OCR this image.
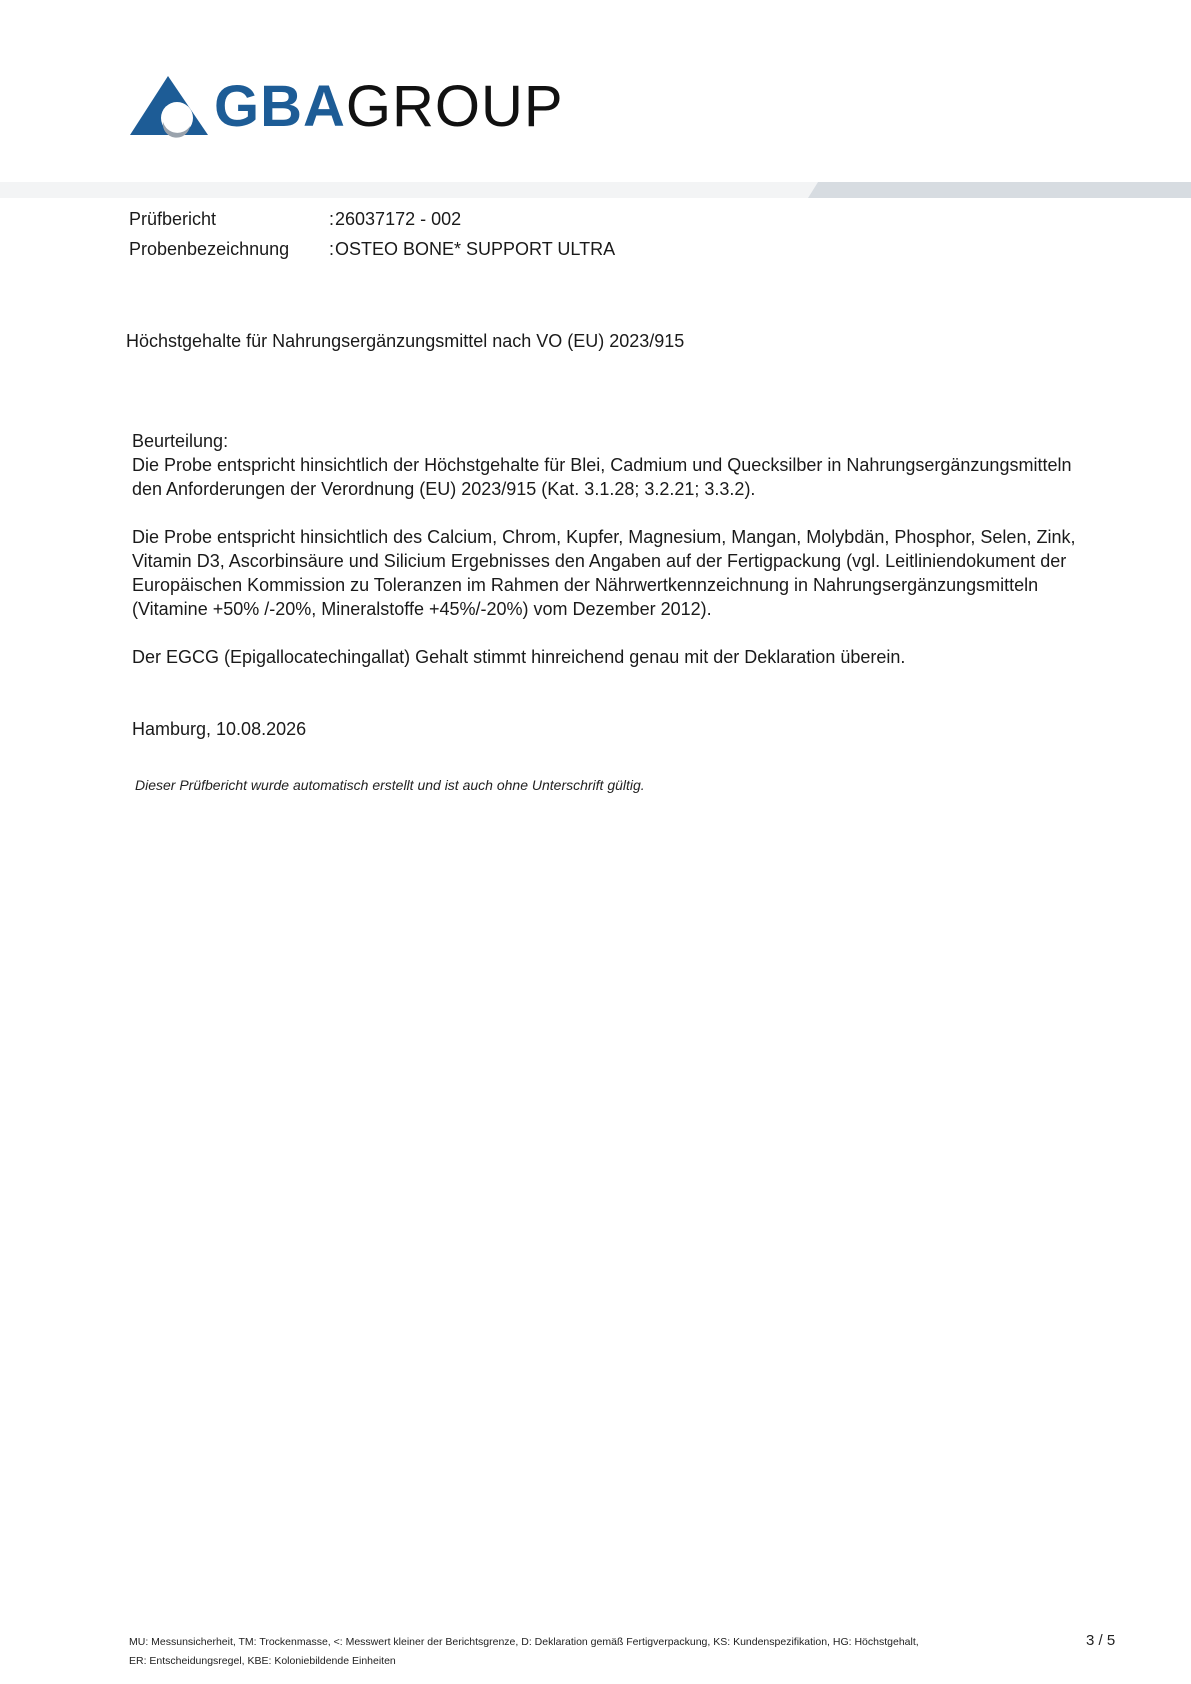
GBAGROUP
Prüfbericht	:26037172 - 002
Probenbezeichnung :OSTEO BONE* SUPPORT ULTRA
Höchstgehalte für Nahrungsergänzungsmittel nach VO (EU) 2023/915

Beurteilung:

Die Probe entspricht hinsichtlich der Höchstgehalte für Blei, Cadmium und Quecksilber in Nahrungsergänzungsmitteln den Anforderungen der Verordnung (EU) 2023/915 (Kat. 3.1.28; 3.2.21; 3.3.2).

Die Probe entspricht hinsichtlich des Calcium, Chrom, Kupfer, Magnesium, Mangan, Molybdän, Phosphor, Selen, Zink, Vitamin D3, Ascorbinsäure und Silicium Ergebnisses den Angaben auf der Fertigpackung (vgl. Leitliniendokument der Europäischen Kommission zu Toleranzen im Rahmen der Nährwertkennzeichnung in Nahrungsergänzungsmitteln (Vitamine +50% /-20%, Mineralstoffe +45%/-20%) vom Dezember 2012).
Der EGCG (Epigallocatechingallat) Gehalt stimmt hinreichend genau mit der Deklaration überein.
Hamburg, 10.08.2026
Dieser Prüfbericht wurde automatisch erstellt und ist auch ohne Unterschrift gültig.
MU: Messunsicherheit, TM: Trockenmasse, <: Messwert kleiner der Berichtsgrenze, D: Deklaration gemäß Fertigverpackung, KS: Kundenspezifikation, HG: Höchstgehalt,
ER: Entscheidungsregel, KBE: Koloniebildende Einheiten
3 / 5
